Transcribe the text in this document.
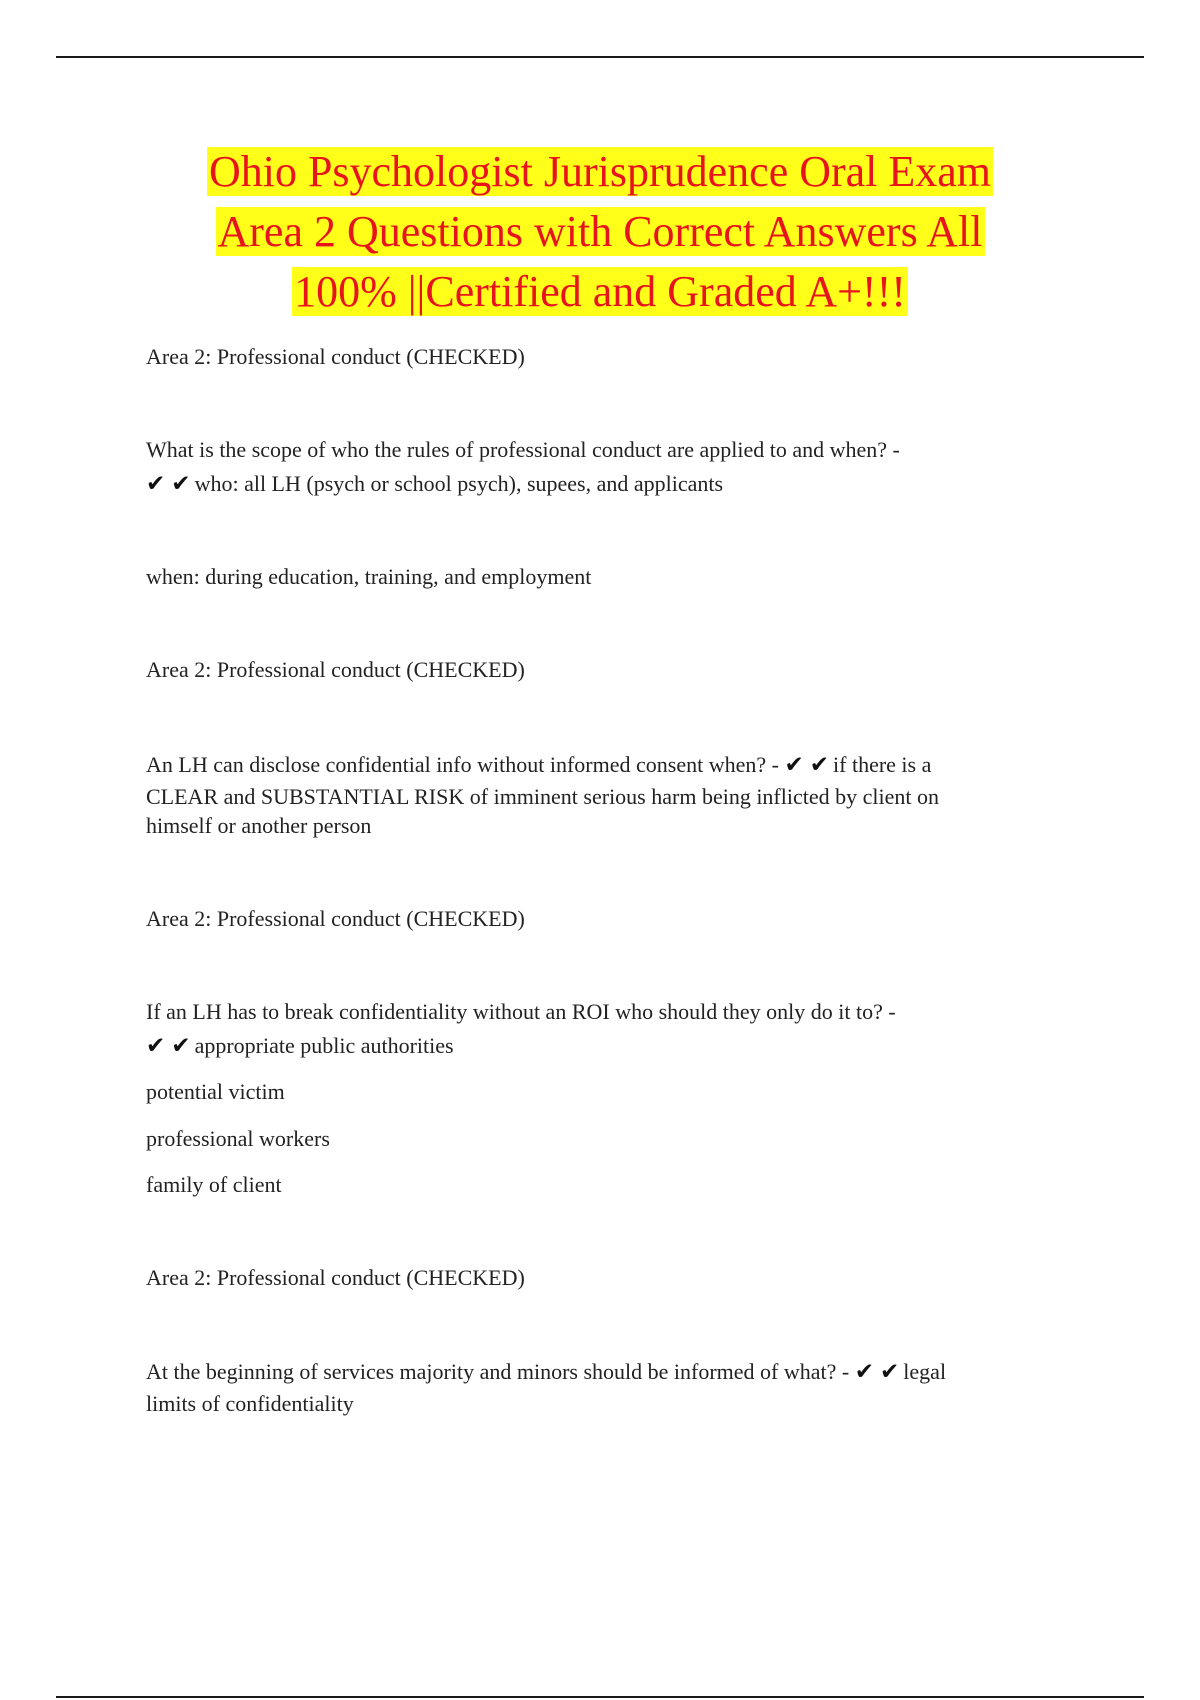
Ohio Psychologist Jurisprudence Oral Exam
Area 2 Questions with Correct Answers All
100% ||Certified and Graded A+!!!
Area 2: Professional conduct (CHECKED)
What is the scope of who the rules of professional conduct are applied to and when? -
✔ ✔ who: all LH (psych or school psych), supees, and applicants
when: during education, training, and employment
Area 2: Professional conduct (CHECKED)
An LH can disclose confidential info without informed consent when? - ✔ ✔ if there is a
CLEAR and SUBSTANTIAL RISK of imminent serious harm being inflicted by client on
himself or another person
Area 2: Professional conduct (CHECKED)
If an LH has to break confidentiality without an ROI who should they only do it to? -
✔ ✔ appropriate public authorities
potential victim
professional workers
family of client
Area 2: Professional conduct (CHECKED)
At the beginning of services majority and minors should be informed of what? - ✔ ✔ legal
limits of confidentiality
